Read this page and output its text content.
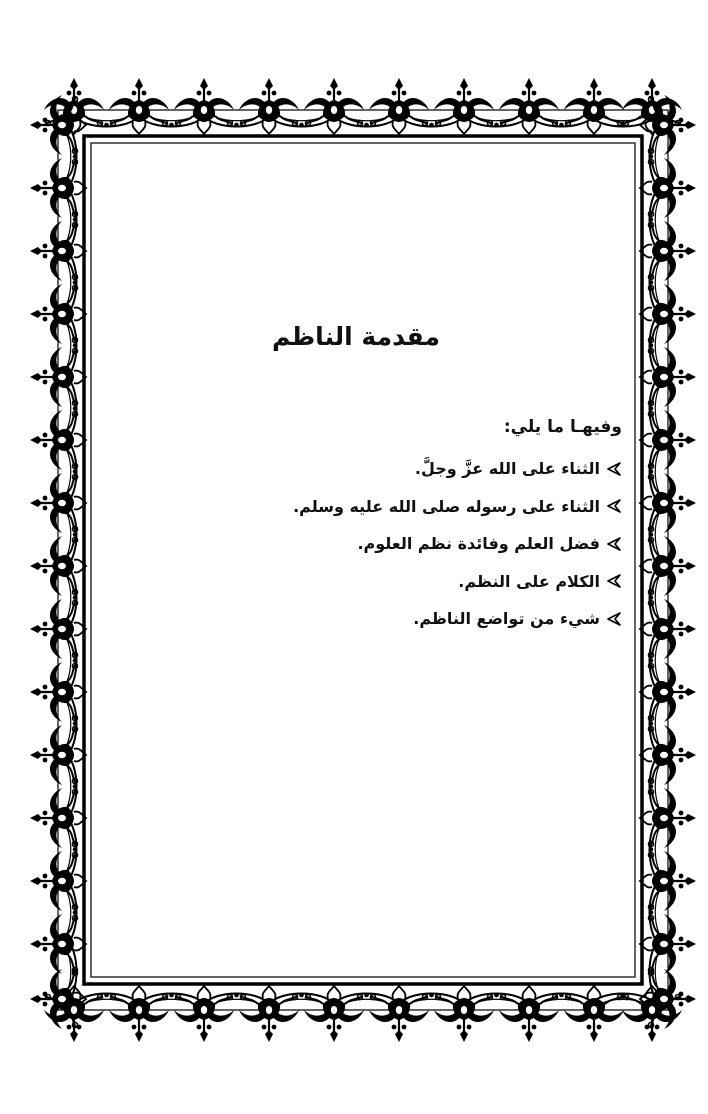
مقدمة الناظم
وفيهـا ما يلي:
الثناء على الله عزَّ وجلَّ.
الثناء على رسوله صلى الله عليه وسلم.
فضل العلم وفائدة نظم العلوم.
الكلام على النظم.
شيء من تواضع الناظم.
